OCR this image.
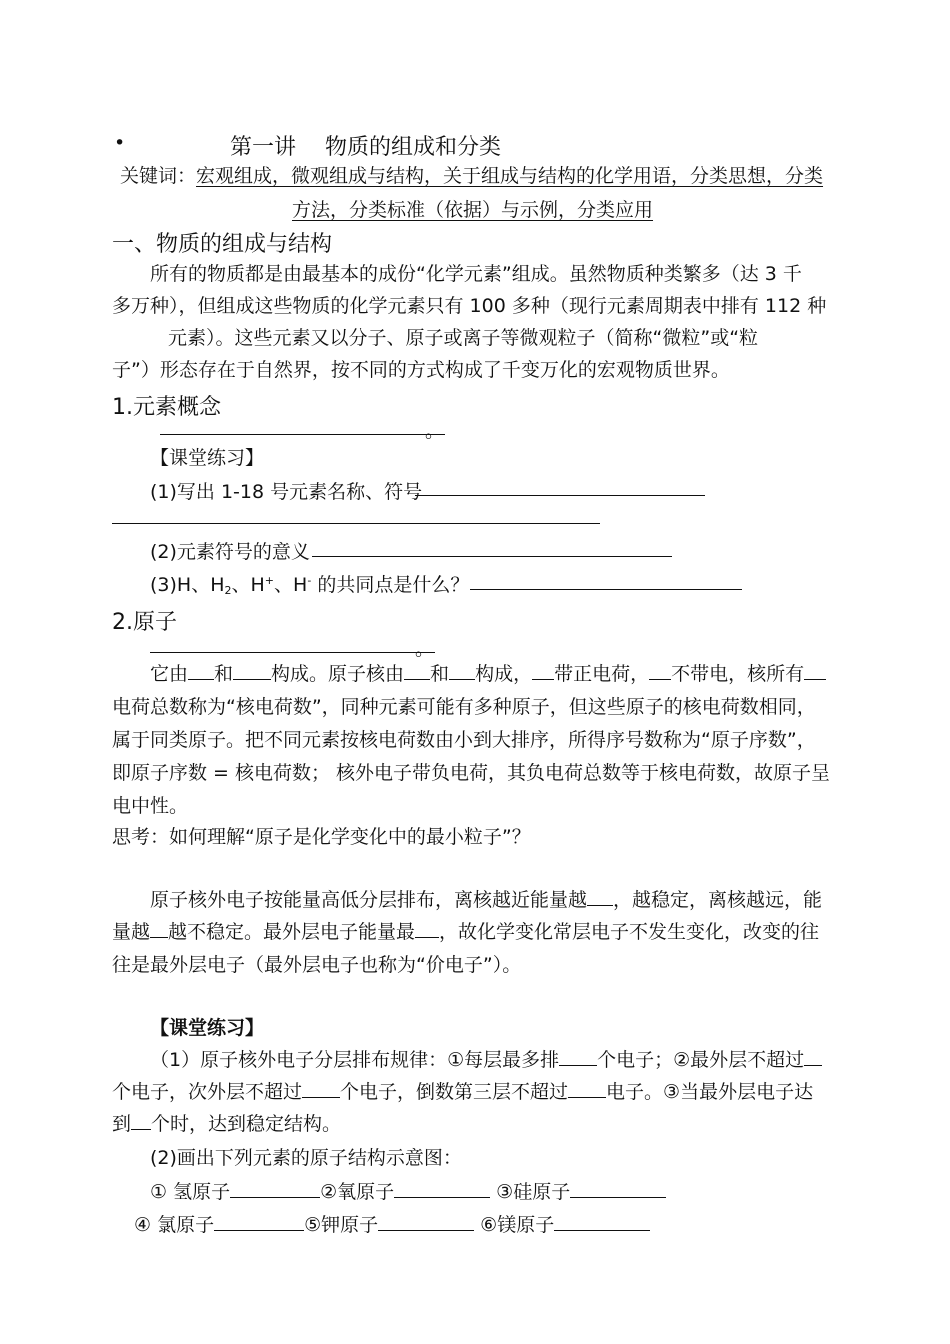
•	第一讲　 物质的组成和分类
关键词：宏观组成，微观组成与结构，关于组成与结构的化学用语，分类思想，分类
方法，分类标准（依据）与示例，分类应用
一、物质的组成与结构
所有的物质都是由最基本的成份“化学元素”组成。虽然物质种类繁多（达 3 千
多万种），但组成这些物质的化学元素只有 100 多种（现行元素周期表中排有 112 种
元素）。这些元素又以分子、原子或离子等微观粒子（简称“微粒”或“粒
子”）形态存在于自然界，按不同的方式构成了千变万化的宏观物质世界。
1.元素概念
。
【课堂练习】
(1)写出 1-18 号元素名称、符号
(2)元素符号的意义
(3)H、$H_2$、H+、H- 的共同点是什么？
2.原子
。
它由 和 构成。原子核由 和 构成， 带正电荷， 不带电，核所有
电荷总数称为“核电荷数”，同种元素可能有多种原子，但这些原子的核电荷数相同，
属于同类原子。把不同元素按核电荷数由小到大排序，所得序号数称为“原子序数”，
即原子序数 = 核电荷数； 核外电子带负电荷，其负电荷总数等于核电荷数，故原子呈
电中性。
思考：如何理解“原子是化学变化中的最小粒子”？
原子核外电子按能量高低分层排布，离核越近能量越 ，越稳定，离核越远，能
量越 越不稳定。最外层电子能量最 ，故化学变化常层电子不发生变化，改变的往
往是最外层电子（最外层电子也称为“价电子”）。
【课堂练习】
（1）原子核外电子分层排布规律：①每层最多排 个电子；②最外层不超过
个电子，次外层不超过 个电子，倒数第三层不超过 电子。③当最外层电子达
到 个时，达到稳定结构。
(2)画出下列元素的原子结构示意图：
① 氢原子	②氧原子	③硅原子
④ 氯原子	⑤钾原子	⑥镁原子
